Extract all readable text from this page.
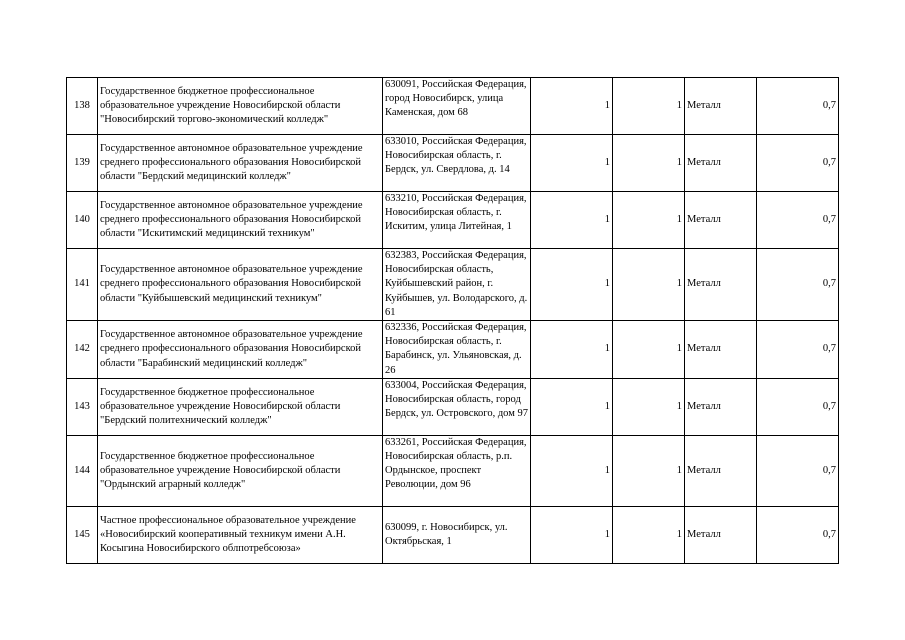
138	Государственное бюджетное профессиональное образовательное учреждение Новосибирской области "Новосибирский торгово-экономический колледж"	630091, Российская Федерация, город Новосибирск, улица Каменская, дом 68	1	1	Металл	0,7
139	Государственное автономное образовательное учреждение среднего профессионального образования Новосибирской области "Бердский медицинский колледж"	633010, Российская Федерация, Новосибирская область, г. Бердск, ул. Свердлова, д. 14	1	1	Металл	0,7
140	Государственное автономное образовательное учреждение среднего профессионального образования Новосибирской области "Искитимский медицинский техникум"	633210, Российская Федерация, Новосибирская область, г. Искитим, улица Литейная, 1	1	1	Металл	0,7
141	Государственное автономное образовательное учреждение среднего профессионального образования Новосибирской области "Куйбышевский медицинский техникум"	632383, Российская Федерация, Новосибирская область, Куйбышевский район, г. Куйбышев, ул. Володарского, д. 61	1	1	Металл	0,7
142	Государственное автономное образовательное учреждение среднего профессионального образования Новосибирской области "Барабинский медицинский колледж"	632336, Российская Федерация, Новосибирская область, г. Барабинск, ул. Ульяновская, д. 26	1	1	Металл	0,7
143	Государственное бюджетное профессиональное образовательное учреждение Новосибирской области "Бердский политехнический колледж"	633004, Российская Федерация, Новосибирская область, город Бердск, ул. Островского, дом 97	1	1	Металл	0,7
144	Государственное бюджетное профессиональное образовательное учреждение Новосибирской области "Ордынский аграрный колледж"	633261, Российская Федерация, Новосибирская область, р.п. Ордынское, проспект Революции, дом 96	1	1	Металл	0,7
145	Частное профессиональное образовательное учреждение «Новосибирский кооперативный техникум имени А.Н. Косыгина Новосибирского облпотребсоюза»	630099, г. Новосибирск, ул. Октябрьская, 1	1	1	Металл	0,7
